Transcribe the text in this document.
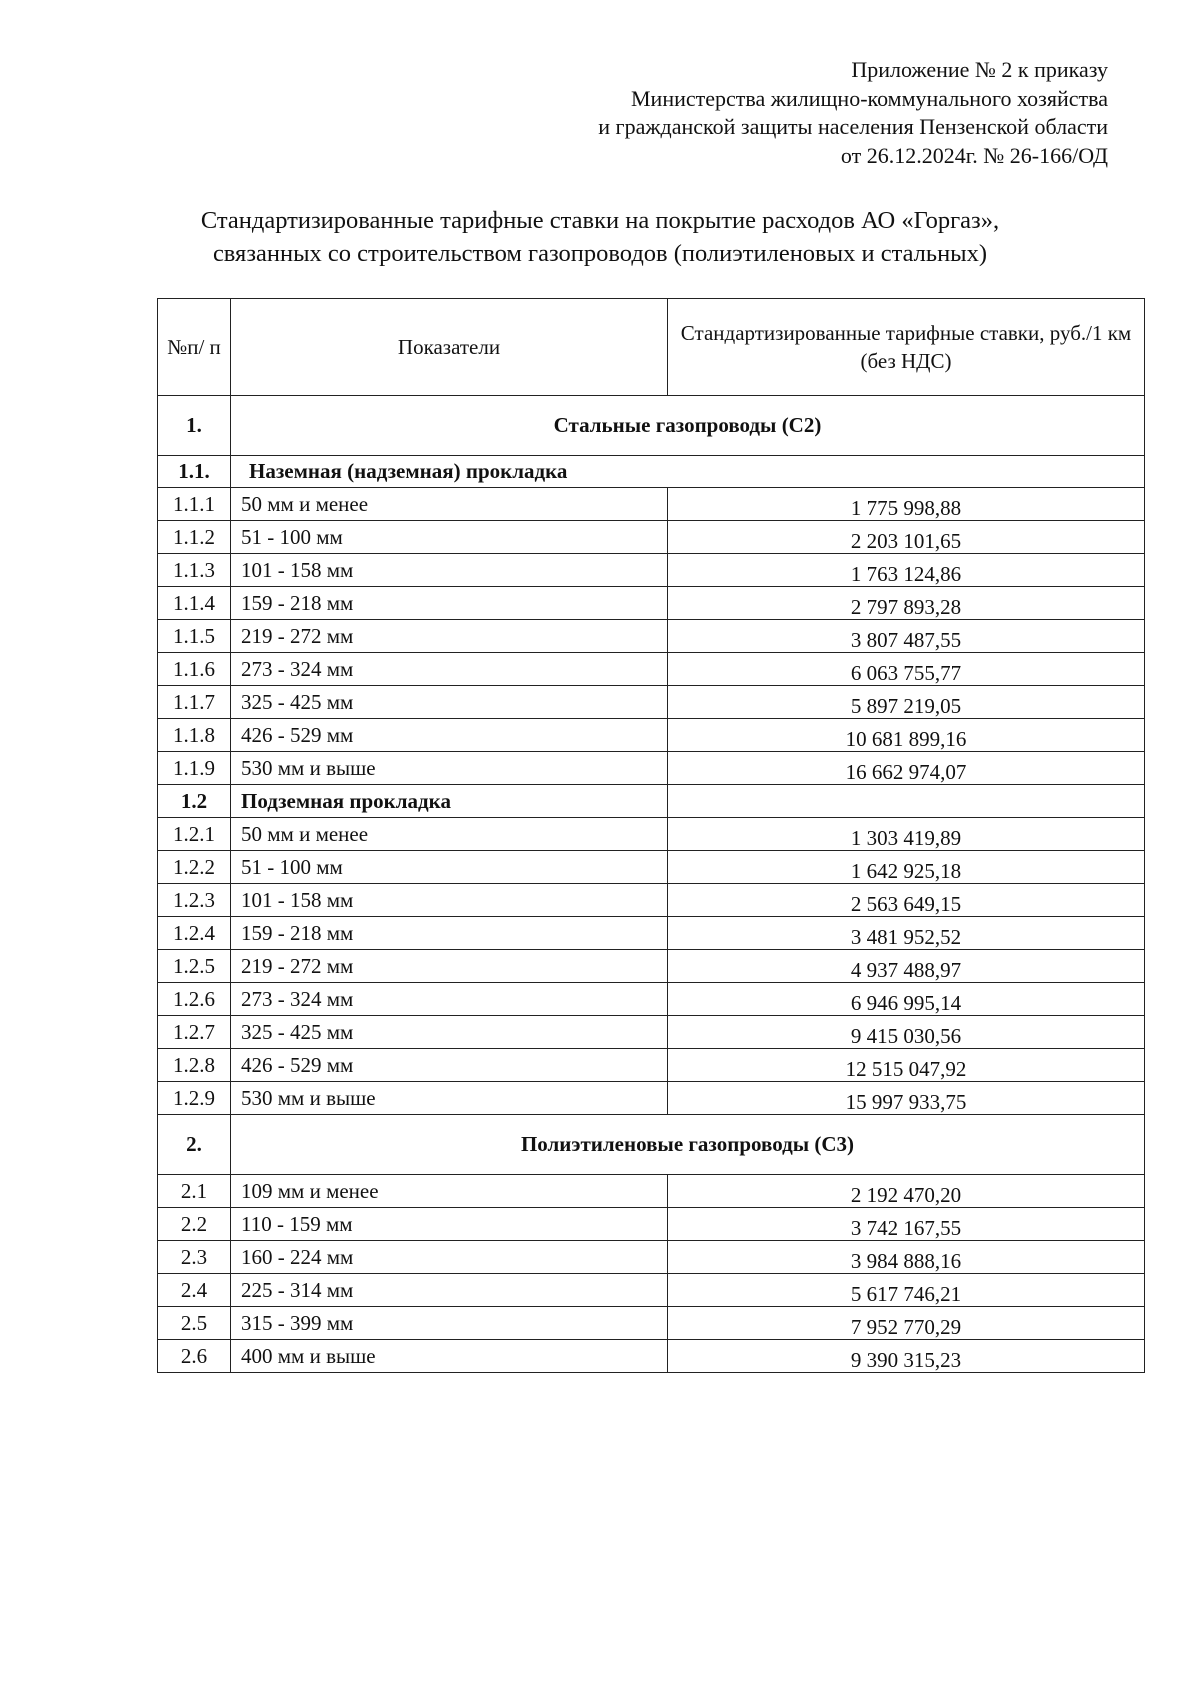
Приложение № 2 к приказу
Министерства жилищно-коммунального хозяйства
и гражданской защиты населения Пензенской области
от 26.12.2024г. № 26-166/ОД
Стандартизированные тарифные ставки на покрытие расходов АО «Горгаз»,
связанных со строительством газопроводов (полиэтиленовых и стальных)
№п/ п	Показатели	Стандартизированные тарифные ставки, руб./1 км (без НДС)
1.	Стальные газопроводы (С2)	
1.1.	Наземная (надземная) прокладка	
1.1.1	50 мм и менее	1 775 998,88
1.1.2	51 - 100 мм	2 203 101,65
1.1.3	101 - 158 мм	1 763 124,86
1.1.4	159 - 218 мм	2 797 893,28
1.1.5	219 - 272 мм	3 807 487,55
1.1.6	273 - 324 мм	6 063 755,77
1.1.7	325 - 425 мм	5 897 219,05
1.1.8	426 - 529 мм	10 681 899,16
1.1.9	530 мм и выше	16 662 974,07
1.2	Подземная прокладка	
1.2.1	50 мм и менее	1 303 419,89
1.2.2	51 - 100 мм	1 642 925,18
1.2.3	101 - 158 мм	2 563 649,15
1.2.4	159 - 218 мм	3 481 952,52
1.2.5	219 - 272 мм	4 937 488,97
1.2.6	273 - 324 мм	6 946 995,14
1.2.7	325 - 425 мм	9 415 030,56
1.2.8	426 - 529 мм	12 515 047,92
1.2.9	530 мм и выше	15 997 933,75
2.	Полиэтиленовые газопроводы (С3)	
2.1	109 мм и менее	2 192 470,20
2.2	110 - 159 мм	3 742 167,55
2.3	160 - 224 мм	3 984 888,16
2.4	225 - 314 мм	5 617 746,21
2.5	315 - 399 мм	7 952 770,29
2.6	400 мм и выше	9 390 315,23
